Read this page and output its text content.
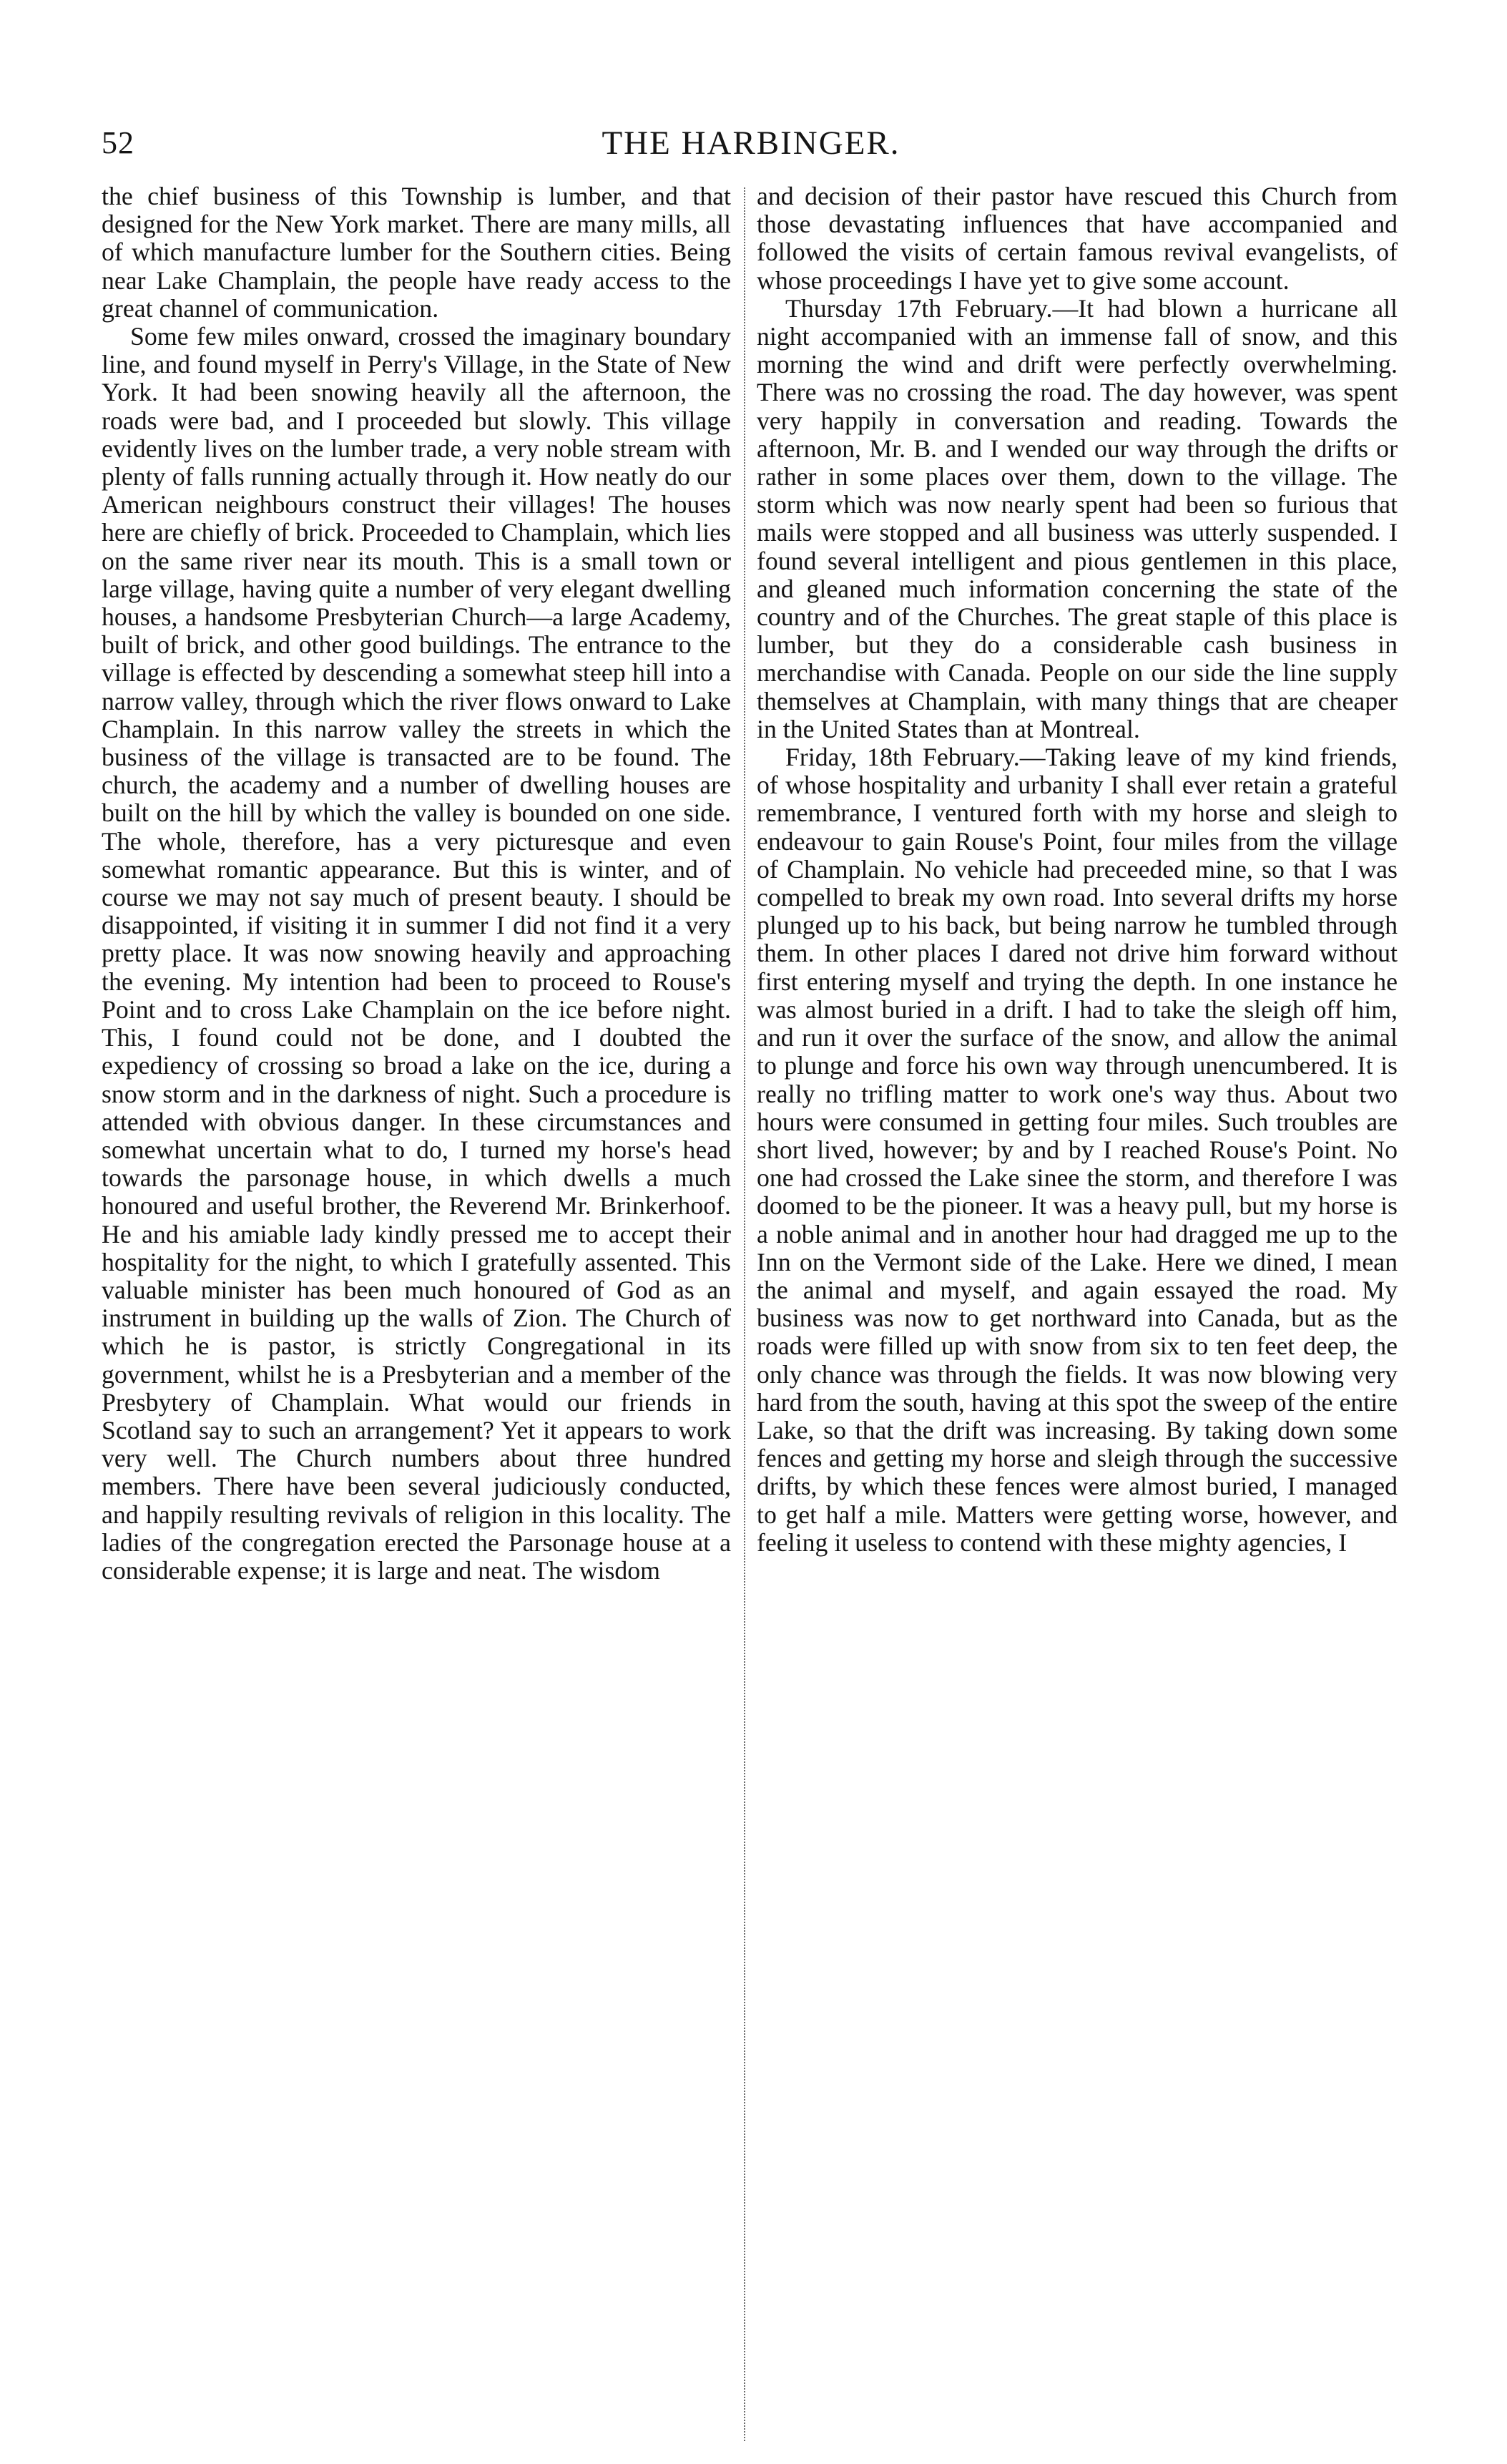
52	THE HARBINGER.

the chief business of this Township is lumber, and that designed for the New York market. There are many mills, all of which manufacture lumber for the Southern cities. Being near Lake Champlain, the people have ready access to the great channel of communication.

Some few miles onward, crossed the imaginary boundary line, and found myself in Perry's Village, in the State of New York. It had been snowing heavily all the afternoon, the roads were bad, and I proceeded but slowly. This village evidently lives on the lumber trade, a very noble stream with plenty of falls running actually through it. How neatly do our American neighbours construct their villages! The houses here are chiefly of brick. Proceeded to Champlain, which lies on the same river near its mouth. This is a small town or large village, having quite a number of very elegant dwelling houses, a handsome Presbyterian Church—a large Academy, built of brick, and other good buildings. The entrance to the village is effected by descending a somewhat steep hill into a narrow valley, through which the river flows onward to Lake Champlain. In this narrow valley the streets in which the business of the village is transacted are to be found. The church, the academy and a number of dwelling houses are built on the hill by which the valley is bounded on one side. The whole, therefore, has a very picturesque and even somewhat romantic appearance. But this is winter, and of course we may not say much of present beauty. I should be disappointed, if visiting it in summer I did not find it a very pretty place. It was now snowing heavily and approaching the evening. My intention had been to proceed to Rouse's Point and to cross Lake Champlain on the ice before night. This, I found could not be done, and I doubted the expediency of crossing so broad a lake on the ice, during a snow storm and in the darkness of night. Such a procedure is attended with obvious danger. In these circumstances and somewhat uncertain what to do, I turned my horse's head towards the parsonage house, in which dwells a much honoured and useful brother, the Reverend Mr. Brinkerhoof. He and his amiable lady kindly pressed me to accept their hospitality for the night, to which I gratefully assented. This valuable minister has been much honoured of God as an instrument in building up the walls of Zion. The Church of which he is pastor, is strictly Congregational in its government, whilst he is a Presbyterian and a member of the Presbytery of Champlain. What would our friends in Scotland say to such an arrangement? Yet it appears to work very well. The Church numbers about three hundred members. There have been several judiciously conducted, and happily resulting revivals of religion in this locality. The ladies of the congregation erected the Parsonage house at a considerable expense; it is large and neat. The wisdom

and decision of their pastor have rescued this Church from those devastating influences that have accompanied and followed the visits of certain famous revival evangelists, of whose proceedings I have yet to give some account.

Thursday 17th February.—It had blown a hurricane all night accompanied with an immense fall of snow, and this morning the wind and drift were perfectly overwhelming. There was no crossing the road. The day however, was spent very happily in conversation and reading. Towards the afternoon, Mr. B. and I wended our way through the drifts or rather in some places over them, down to the village. The storm which was now nearly spent had been so furious that mails were stopped and all business was utterly suspended. I found several intelligent and pious gentlemen in this place, and gleaned much information concerning the state of the country and of the Churches. The great staple of this place is lumber, but they do a considerable cash business in merchandise with Canada. People on our side the line supply themselves at Champlain, with many things that are cheaper in the United States than at Montreal.

Friday, 18th February.—Taking leave of my kind friends, of whose hospitality and urbanity I shall ever retain a grateful remembrance, I ventured forth with my horse and sleigh to endeavour to gain Rouse's Point, four miles from the village of Champlain. No vehicle had preceeded mine, so that I was compelled to break my own road. Into several drifts my horse plunged up to his back, but being narrow he tumbled through them. In other places I dared not drive him forward without first entering myself and trying the depth. In one instance he was almost buried in a drift. I had to take the sleigh off him, and run it over the surface of the snow, and allow the animal to plunge and force his own way through unencumbered. It is really no trifling matter to work one's way thus. About two hours were consumed in getting four miles. Such troubles are short lived, however; by and by I reached Rouse's Point. No one had crossed the Lake sinee the storm, and therefore I was doomed to be the pioneer. It was a heavy pull, but my horse is a noble animal and in another hour had dragged me up to the Inn on the Vermont side of the Lake. Here we dined, I mean the animal and myself, and again essayed the road. My business was now to get northward into Canada, but as the roads were filled up with snow from six to ten feet deep, the only chance was through the fields. It was now blowing very hard from the south, having at this spot the sweep of the entire Lake, so that the drift was increasing. By taking down some fences and getting my horse and sleigh through the successive drifts, by which these fences were almost buried, I managed to get half a mile. Matters were getting worse, however, and feeling it useless to contend with these mighty agencies, I
